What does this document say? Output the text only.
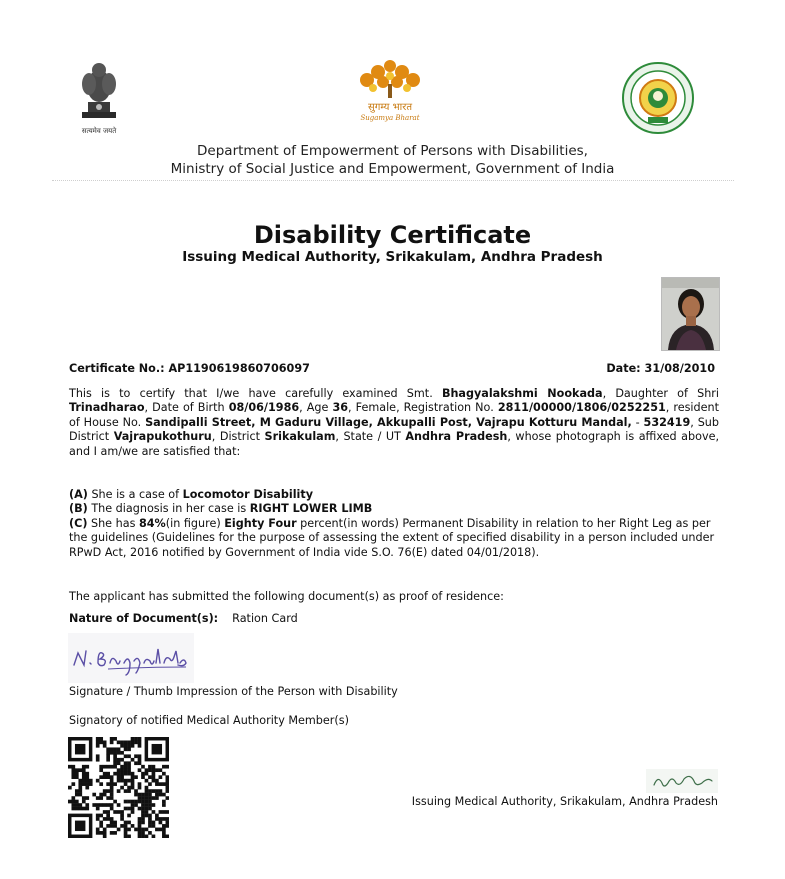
सत्यमेव जयते
सुगम्य भारत
Sugamya Bharat
Department of Empowerment of Persons with Disabilities,
Ministry of Social Justice and Empowerment, Government of India
Disability Certificate
Issuing Medical Authority, Srikakulam, Andhra Pradesh
Certificate No.: AP1190619860706097	Date: 31/08/2010
This is to certify that I/we have carefully examined Smt. Bhagyalakshmi Nookada, Daughter of Shri Trinadharao, Date of Birth 08/06/1986, Age 36, Female, Registration No. 2811/00000/1806/0252251, resident of House No. Sandipalli Street, M Gaduru Village, Akkupalli Post, Vajrapu Kotturu Mandal, - 532419, Sub District Vajrapukothuru, District Srikakulam, State / UT Andhra Pradesh, whose photograph is affixed above, and I am/we are satisfied that:
(A) She is a case of Locomotor Disability
(B) The diagnosis in her case is RIGHT LOWER LIMB
(C) She has 84%(in figure) Eighty Four percent(in words) Permanent Disability in relation to her Right Leg as per the guidelines (Guidelines for the purpose of assessing the extent of specified disability in a person included under RPwD Act, 2016 notified by Government of India vide S.O. 76(E) dated 04/01/2018).
The applicant has submitted the following document(s) as proof of residence:
Nature of Document(s): Ration Card
Signature / Thumb Impression of the Person with Disability
Signatory of notified Medical Authority Member(s)
Issuing Medical Authority, Srikakulam, Andhra Pradesh
